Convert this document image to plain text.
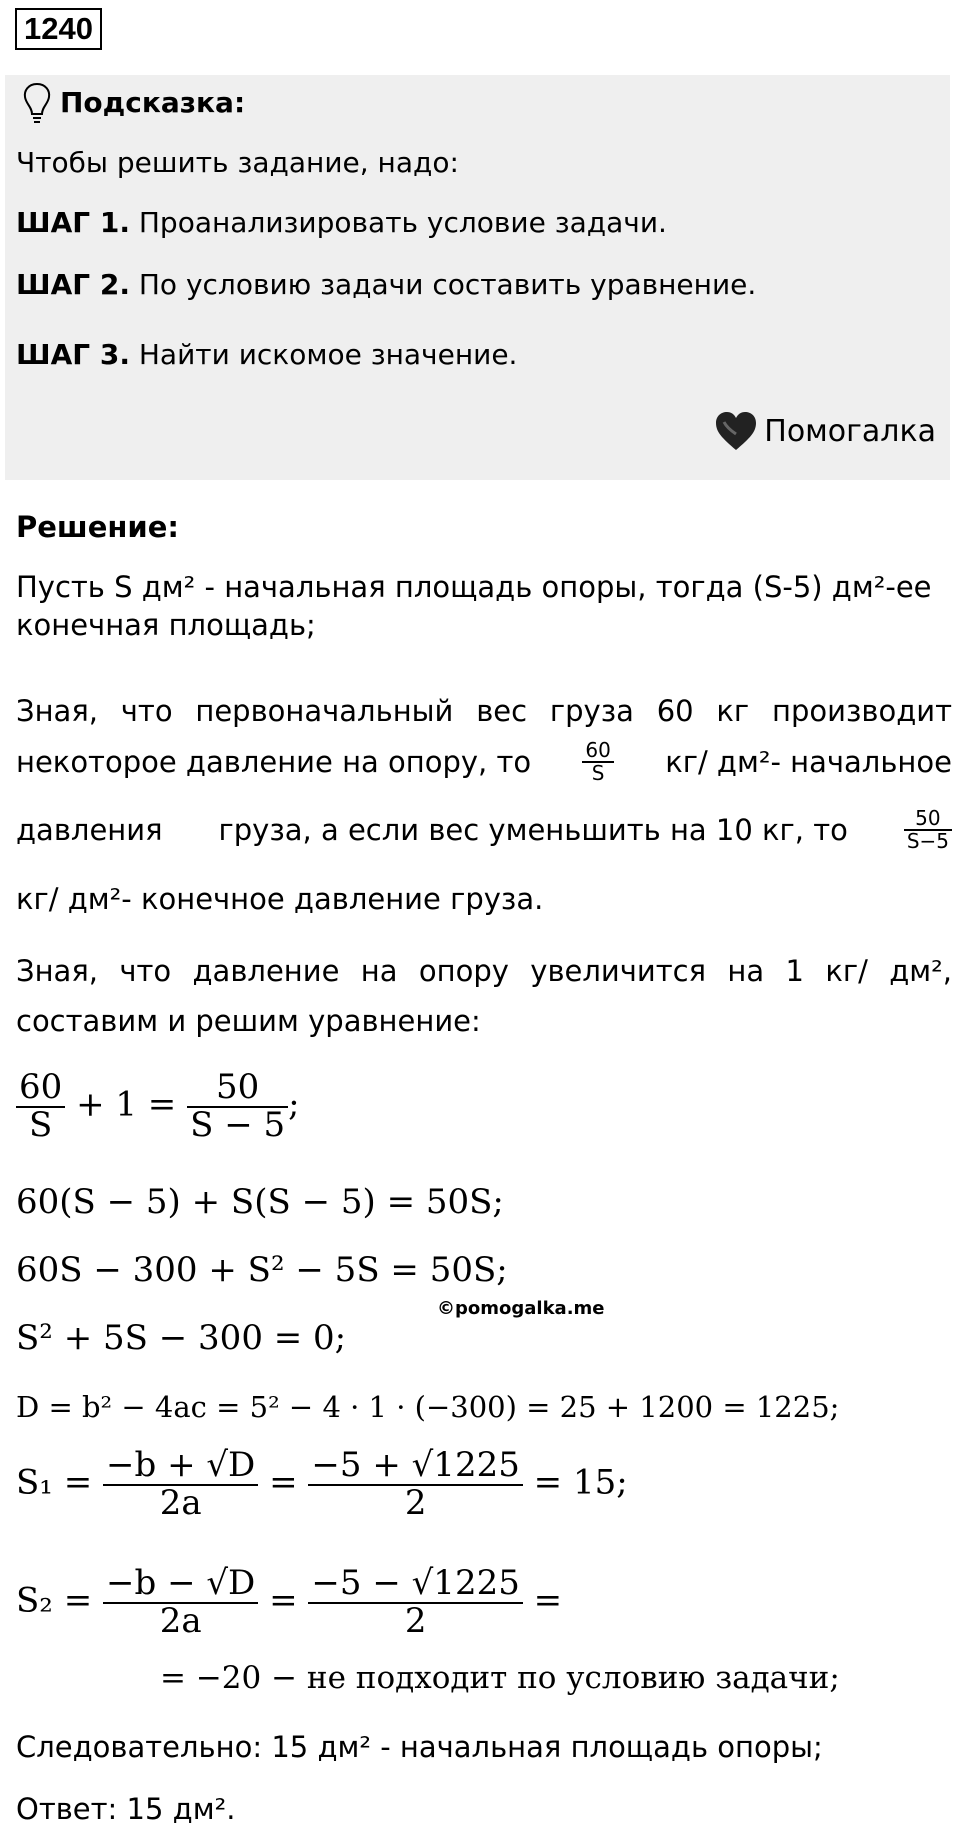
1240
Подсказка:
Чтобы решить задание, надо:
ШАГ 1. Проанализировать условие задачи.
ШАГ 2. По условию задачи составить уравнение.
ШАГ 3. Найти искомое значение.
Помогалка
Решение:
Пусть S дм² - начальная площадь опоры, тогда (S-5) дм²-ее конечная площадь;
Зная, что первоначальный вес груза 60 кг производит
некоторое давление на опору, то	$\frac{60}{S} кг/$ дм²- начальное
давления груза, а если вес уменьшить на 10 кг, то	$\frac{50}{S-5}$
кг/ дм²- конечное давление груза.
Зная, что давление на опору увеличится на 1 кг/ дм²,
составим и решим уравнение:
$\frac{60}{S} + 1 = \frac{50}{S - 5}$ ;
60(S − 5) + S(S − 5) = 50S;
60S − 300 + S² − 5S = 50S;
©pomogalka.me
S² + 5S − 300 = 0;
D = b² − 4ac = 5² − 4 · 1 · (−300) = 25 + 1200 = 1225;
$S_1 = \frac{-b + √D}{2a} = \frac{-5 + √1225}{2} = 15$;
$S_2 = \frac{-b - √D}{2a} = \frac{-5 - √1225}{2}$ =
= −20 − не подходит по условию задачи;
Следовательно: 15 дм² - начальная площадь опоры;
Ответ: 15 дм².
